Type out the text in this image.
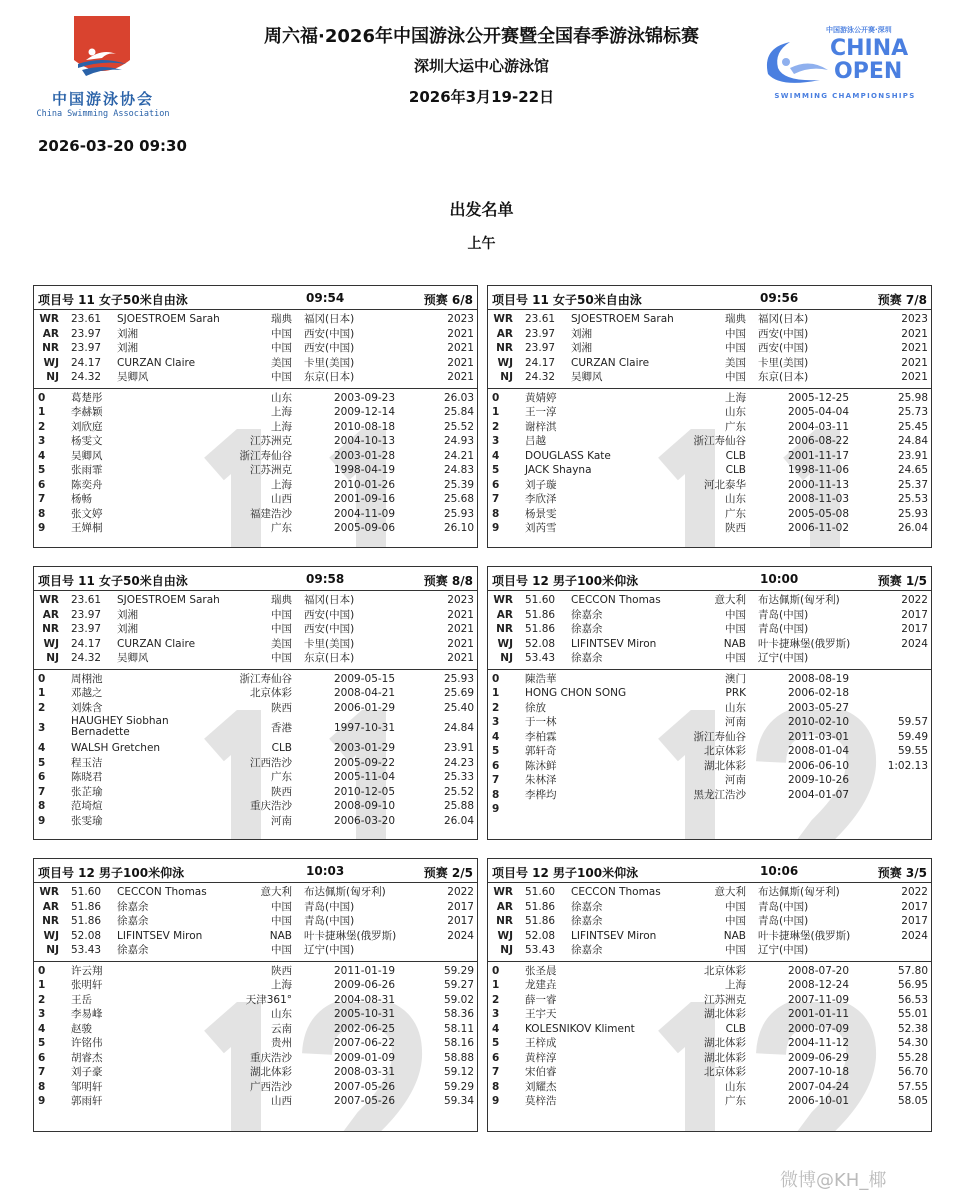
中国游泳协会
China Swimming Association
周六福·2026年中国游泳公开赛暨全国春季游泳锦标赛
深圳大运中心游泳馆
2026年3月19-22日
中国游泳公开赛·深圳
CHINA
OPEN
SWIMMING CHAMPIONSHIPS
2026-03-20 09:30
出发名单
上午
项目号 11 女子50米自由泳	09:54	预赛 6/8
WR 23.61 SJOESTROEM Sarah	瑞典 福冈(日本)	2023
AR 23.97 刘湘	中国 西安(中国)	2021
NR 23.97 刘湘	中国 西安(中国)	2021
WJ 24.17 CURZAN Claire	美国 卡里(美国)	2021
NJ 24.32 吴卿风	中国 东京(日本)	2021
0 葛楚彤	山东	2003-09-23	26.03
1 李赫颖	上海	2009-12-14	25.84
2 刘欣庭	上海	2010-08-18	25.52
3 杨雯文	江苏洲克	2004-10-13	24.93
4 吴卿风	浙江寿仙谷	2003-01-28	24.21
5 张雨霏	江苏洲克	1998-04-19	24.83
6 陈奕舟	上海	2010-01-26	25.39
7 杨畅	山西	2001-09-16	25.68
8 张文婷	福建浩沙	2004-11-09	25.93
9 王婵桐	广东	2005-09-06	26.10
项目号 11 女子50米自由泳	09:56	预赛 7/8
WR 23.61 SJOESTROEM Sarah	瑞典 福冈(日本)	2023
AR 23.97 刘湘	中国 西安(中国)	2021
NR 23.97 刘湘	中国 西安(中国)	2021
WJ 24.17 CURZAN Claire	美国 卡里(美国)	2021
NJ 24.32 吴卿风	中国 东京(日本)	2021
0 黄婧婷	上海	2005-12-25	25.98
1 王一淳	山东	2005-04-04	25.73
2 谢梓淇	广东	2004-03-11	25.45
3 吕越	浙江寿仙谷	2006-08-22	24.84
4 DOUGLASS Kate	CLB	2001-11-17	23.91
5 JACK Shayna	CLB	1998-11-06	24.65
6 刘子璇	河北泰华	2000-11-13	25.37
7 李欣泽	山东	2008-11-03	25.53
8 杨景雯	广东	2005-05-08	25.93
9 刘芮雪	陕西	2006-11-02	26.04
项目号 11 女子50米自由泳	09:58	预赛 8/8
WR 23.61 SJOESTROEM Sarah	瑞典 福冈(日本)	2023
AR 23.97 刘湘	中国 西安(中国)	2021
NR 23.97 刘湘	中国 西安(中国)	2021
WJ 24.17 CURZAN Claire	美国 卡里(美国)	2021
NJ 24.32 吴卿风	中国 东京(日本)	2021
0 周栩池	浙江寿仙谷	2009-05-15	25.93
1 邓越之	北京体彩	2008-04-21	25.69
2 刘姝含	陕西	2006-01-29	25.40
3
HAUGHEY Siobhan Bernadette	香港	1997-10-31	24.84
4 WALSH Gretchen	CLB	2003-01-29	23.91
5 程玉洁	江西浩沙	2005-09-22	24.23
6 陈晓君	广东	2005-11-04	25.33
7 张芷瑜	陕西	2010-12-05	25.52
8 范埼煊	重庆浩沙	2008-09-10	25.88
9 张雯瑜	河南	2006-03-20	26.04
项目号 12 男子100米仰泳	10:00	预赛 1/5
WR 51.60 CECCON Thomas	意大利 布达佩斯(匈牙利)	2022
AR 51.86 徐嘉余	中国 青岛(中国)	2017
NR 51.86 徐嘉余	中国 青岛(中国)	2017
WJ 52.08 LIFINTSEV Miron	NAB 叶卡捷琳堡(俄罗斯)	2024
NJ 53.43 徐嘉余	中国 辽宁(中国)
0 陳浩華	澳门	2008-08-19
1 HONG CHON SONG	PRK	2006-02-18
2 徐放	山东	2003-05-27
3 于一林	河南	2010-02-10	59.57
4 李柏霖	浙江寿仙谷	2011-03-01	59.49
5 郭轩奇	北京体彩	2008-01-04	59.55
6 陈沐鲜	湖北体彩	2006-06-10	1:02.13
7 朱林泽	河南	2009-10-26
8 李桦均	黑龙江浩沙	2004-01-07
9
项目号 12 男子100米仰泳	10:03	预赛 2/5
WR 51.60 CECCON Thomas	意大利 布达佩斯(匈牙利)	2022
AR 51.86 徐嘉余	中国 青岛(中国)	2017
NR 51.86 徐嘉余	中国 青岛(中国)	2017
WJ 52.08 LIFINTSEV Miron	NAB 叶卡捷琳堡(俄罗斯)	2024
NJ 53.43 徐嘉余	中国 辽宁(中国)
0 许云翔	陕西	2011-01-19	59.29
1 张明轩	上海	2009-06-26	59.27
2 王岳	天津361°	2004-08-31	59.02
3 李易峰	山东	2005-10-31	58.36
4 赵骏	云南	2002-06-25	58.11
5 许铭伟	贵州	2007-06-22	58.16
6 胡睿杰	重庆浩沙	2009-01-09	58.88
7 刘子豪	湖北体彩	2008-03-31	59.12
8 邹明轩	广西浩沙	2007-05-26	59.29
9 郭雨轩	山西	2007-05-26	59.34
项目号 12 男子100米仰泳	10:06	预赛 3/5
WR 51.60 CECCON Thomas	意大利 布达佩斯(匈牙利)	2022
AR 51.86 徐嘉余	中国 青岛(中国)	2017
NR 51.86 徐嘉余	中国 青岛(中国)	2017
WJ 52.08 LIFINTSEV Miron	NAB 叶卡捷琳堡(俄罗斯)	2024
NJ 53.43 徐嘉余	中国 辽宁(中国)
0 张圣晨	北京体彩	2008-07-20	57.80
1 龙建垚	上海	2008-12-24	56.95
2 薛一睿	江苏洲克	2007-11-09	56.53
3 王宇天	湖北体彩	2001-01-11	55.01
4 KOLESNIKOV Kliment	CLB	2000-07-09	52.38
5 王梓成	湖北体彩	2004-11-12	54.30
6 黄梓淳	湖北体彩	2009-06-29	55.28
7 宋伯睿	北京体彩	2007-10-18	56.70
8 刘耀杰	山东	2007-04-24	57.55
9 莫梓浩	广东	2006-10-01	58.05
微博@KH_椰
